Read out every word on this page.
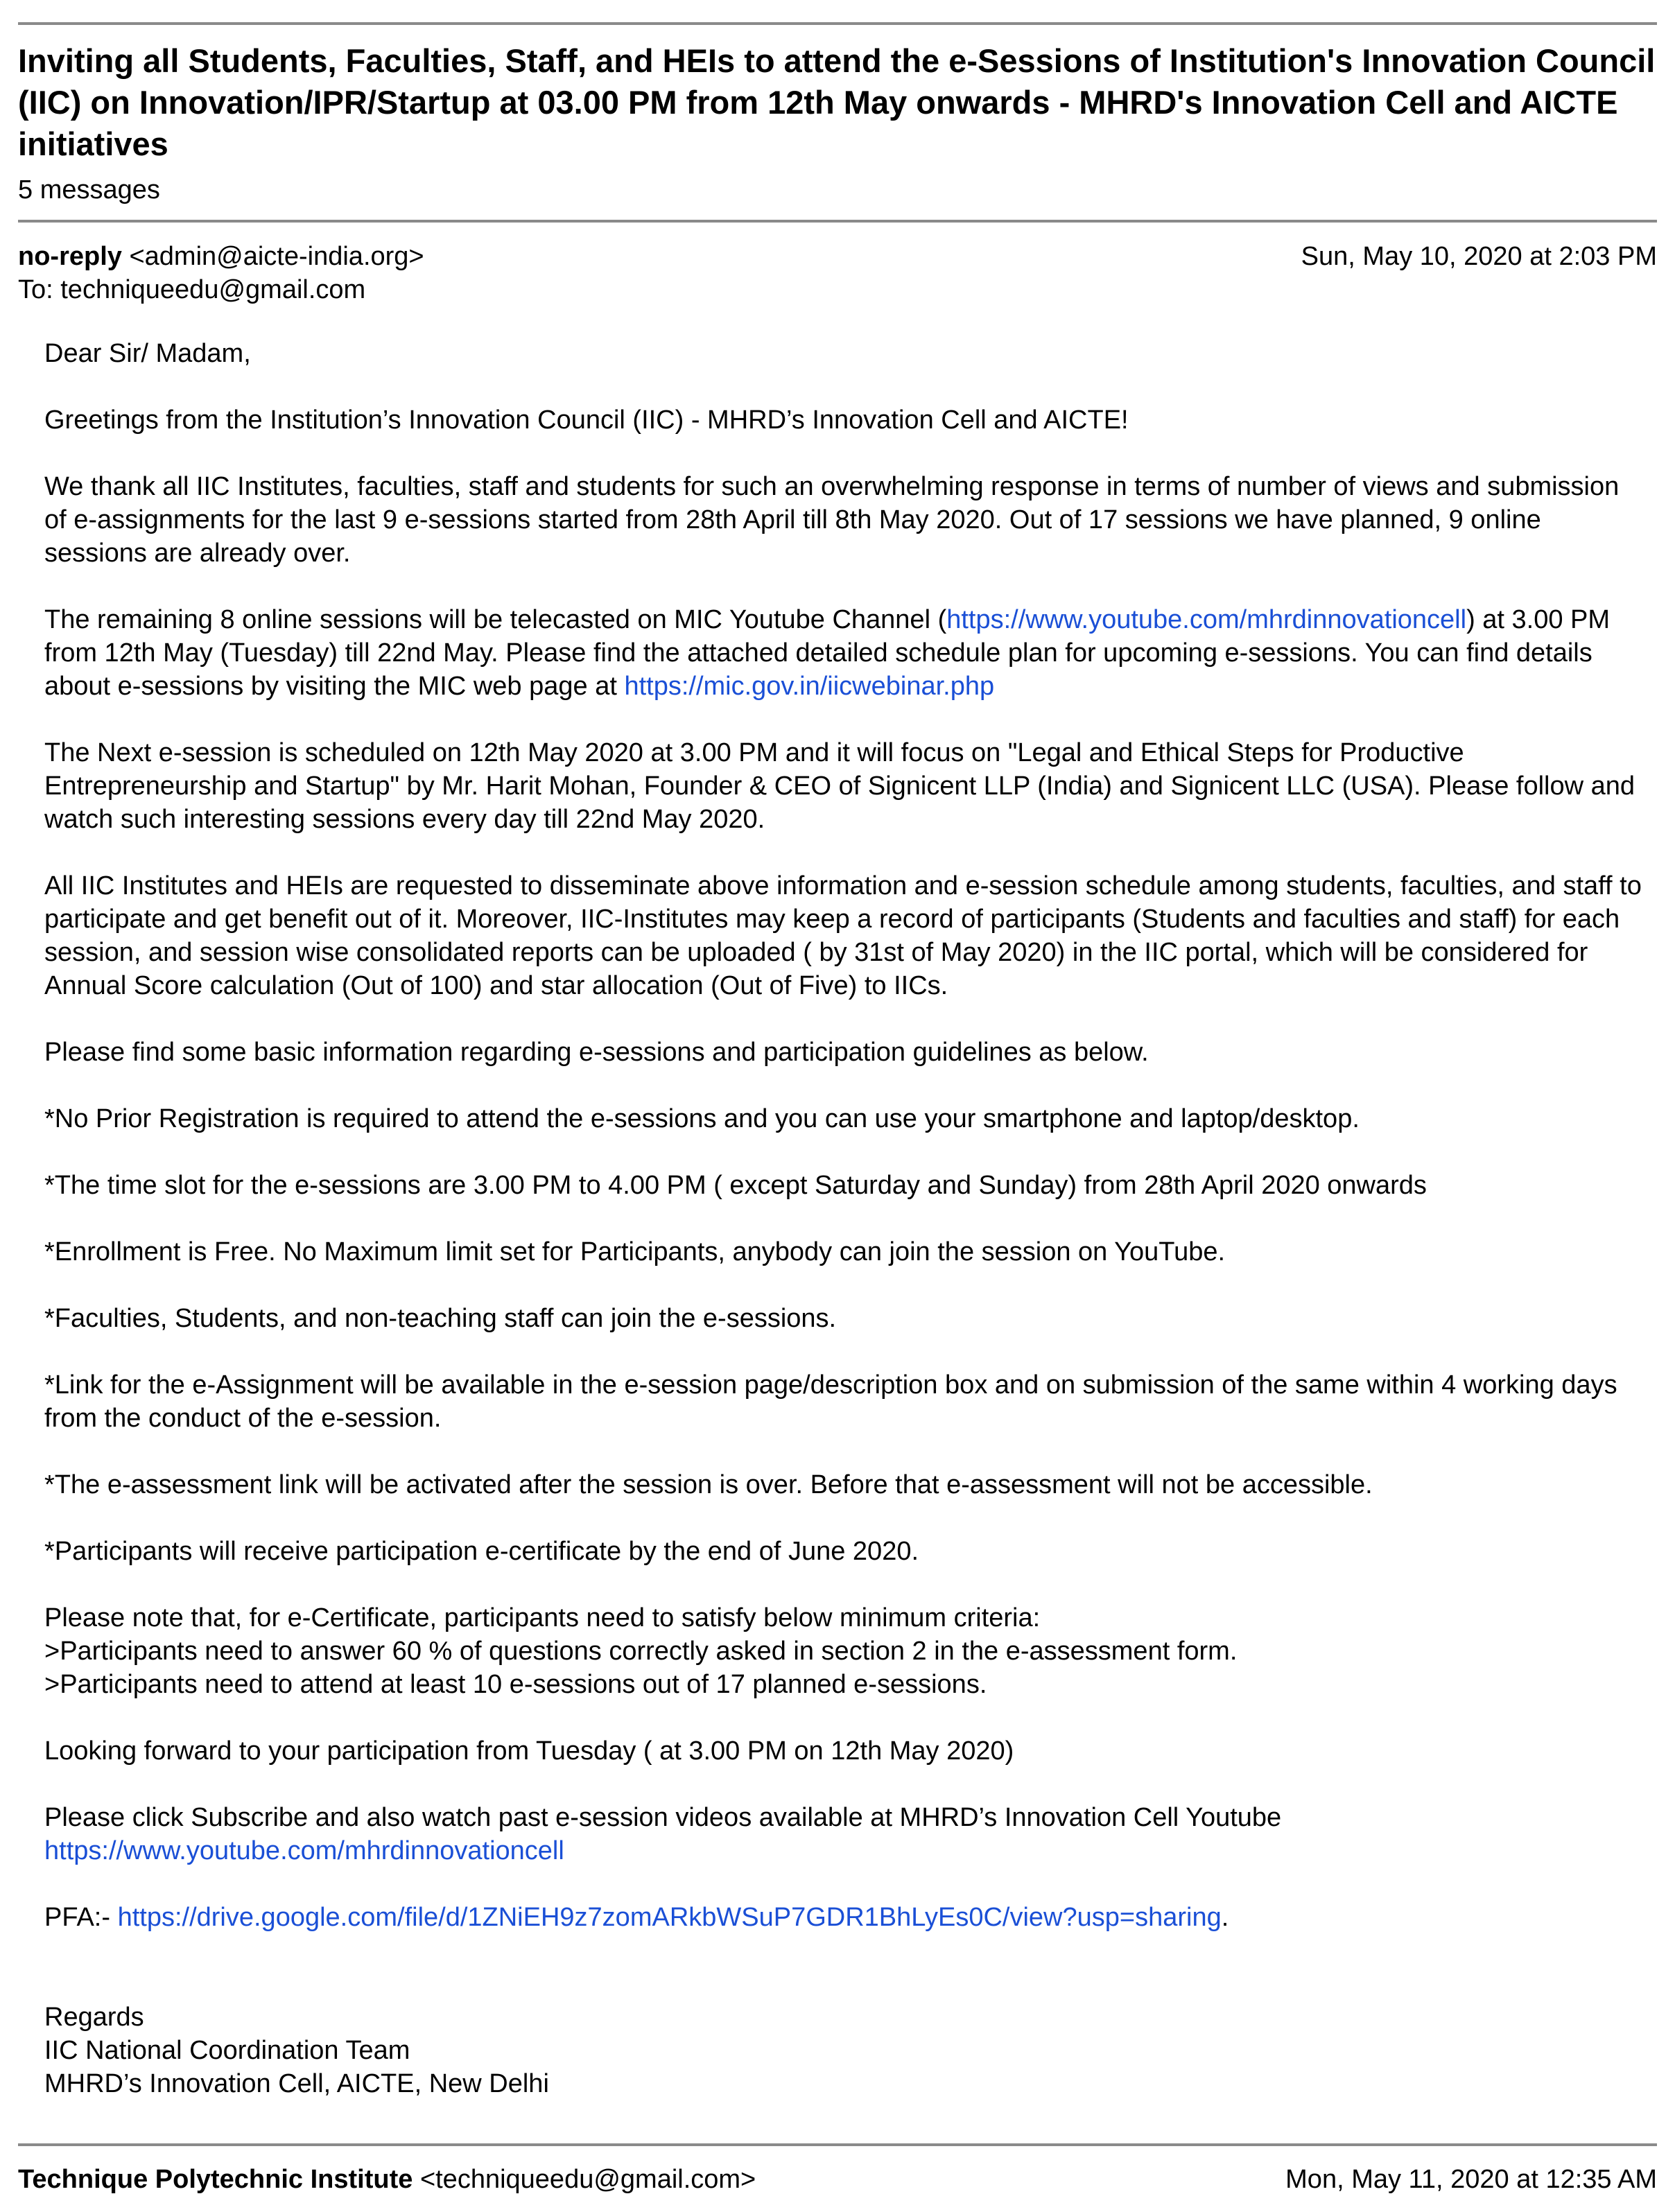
Inviting all Students, Faculties, Staff, and HEIs to attend the e-Sessions of Institution's Innovation Council (IIC) on Innovation/IPR/Startup at 03.00 PM from 12th May onwards - MHRD's Innovation Cell and AICTE initiatives
5 messages
no-reply <admin@aicte-india.org>	Sun, May 10, 2020 at 2:03 PM
To: techniqueedu@gmail.com

Dear Sir/ Madam,

Greetings from the Institution’s Innovation Council (IIC) - MHRD’s Innovation Cell and AICTE!

We thank all IIC Institutes, faculties, staff and students for such an overwhelming response in terms of number of views and submission of e-assignments for the last 9 e-sessions started from 28th April till 8th May 2020. Out of 17 sessions we have planned, 9 online sessions are already over.

The remaining 8 online sessions will be telecasted on MIC Youtube Channel (https://www.youtube.com/mhrdinnovationcell) at 3.00 PM from 12th May (Tuesday) till 22nd May. Please find the attached detailed schedule plan for upcoming e-sessions. You can find details about e-sessions by visiting the MIC web page at https://mic.gov.in/iicwebinar.php

The Next e-session is scheduled on 12th May 2020 at 3.00 PM and it will focus on "Legal and Ethical Steps for Productive Entrepreneurship and Startup" by Mr. Harit Mohan, Founder & CEO of Signicent LLP (India) and Signicent LLC (USA). Please follow and watch such interesting sessions every day till 22nd May 2020.

All IIC Institutes and HEIs are requested to disseminate above information and e-session schedule among students, faculties, and staff to participate and get benefit out of it. Moreover, IIC-Institutes may keep a record of participants (Students and faculties and staff) for each session, and session wise consolidated reports can be uploaded ( by 31st of May 2020) in the IIC portal, which will be considered for Annual Score calculation (Out of 100) and star allocation (Out of Five) to IICs.

Please find some basic information regarding e-sessions and participation guidelines as below.

*No Prior Registration is required to attend the e-sessions and you can use your smartphone and laptop/desktop.

*The time slot for the e-sessions are 3.00 PM to 4.00 PM ( except Saturday and Sunday) from 28th April 2020 onwards

*Enrollment is Free. No Maximum limit set for Participants, anybody can join the session on YouTube.

*Faculties, Students, and non-teaching staff can join the e-sessions.

*Link for the e-Assignment will be available in the e-session page/description box and on submission of the same within 4 working days from the conduct of the e-session.

*The e-assessment link will be activated after the session is over. Before that e-assessment will not be accessible.

*Participants will receive participation e-certificate by the end of June 2020.

Please note that, for e-Certificate, participants need to satisfy below minimum criteria:

>Participants need to answer 60 % of questions correctly asked in section 2 in the e-assessment form.

>Participants need to attend at least 10 e-sessions out of 17 planned e-sessions.

Looking forward to your participation from Tuesday ( at 3.00 PM on 12th May 2020)

Please click Subscribe and also watch past e-session videos available at MHRD’s Innovation Cell Youtube
https://www.youtube.com/mhrdinnovationcell

PFA:- https://drive.google.com/file/d/1ZNiEH9z7zomARkbWSuP7GDR1BhLyEs0C/view?usp=sharing.

Regards

IIC National Coordination Team

MHRD’s Innovation Cell, AICTE, New Delhi

Technique Polytechnic Institute <techniqueedu@gmail.com>	Mon, May 11, 2020 at 12:35 AM
